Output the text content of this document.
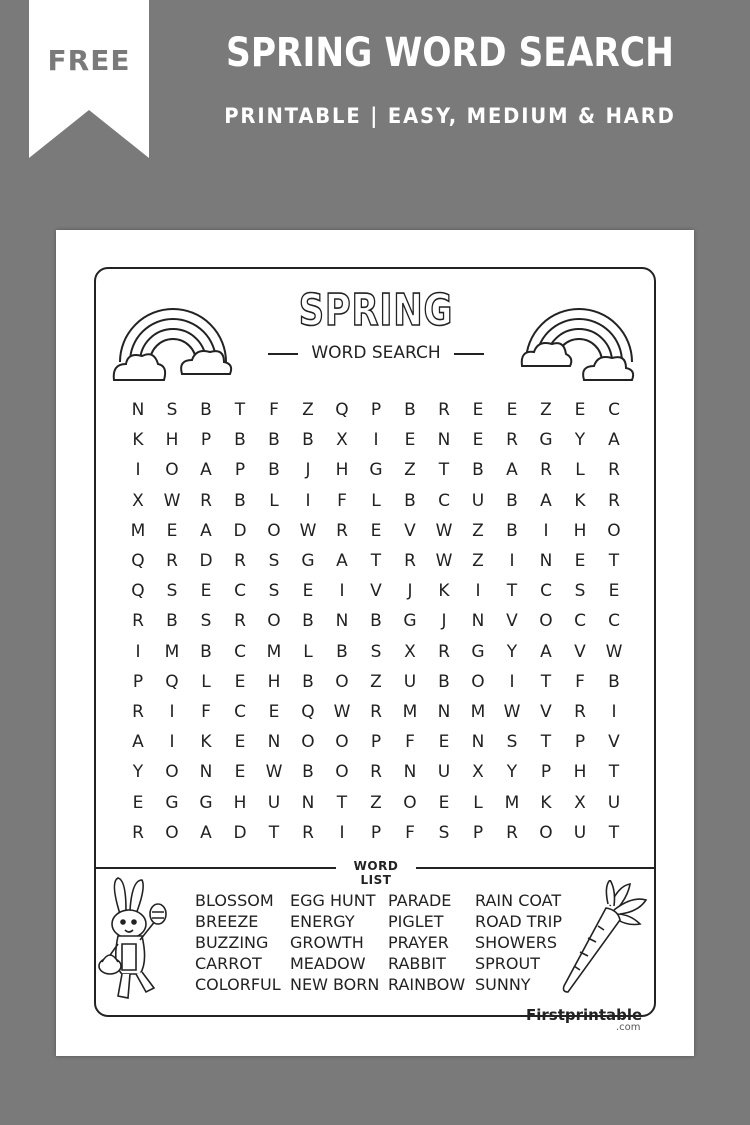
FREE	SPRING WORD SEARCH
PRINTABLE | EASY, MEDIUM & HARD
SPRING
WORD SEARCH
N	S	B	T	F	Z	Q	P	B	R	E	E	Z	E	C
K	H	P	B	B	B	X	I	E	N	E	R	G	Y	A
I	O	A	P	B	J	H	G	Z	T	B	A	R	L	R
X	W	R	B	L	I	F	L	B	C	U	B	A	K	R
M	E	A	D	O	W	R	E	V	W	Z	B	I	H	O
Q	R	D	R	S	G	A	T	R	W	Z	I	N	E	T
Q	S	E	C	S	E	I	V	J	K	I	T	C	S	E
R	B	S	R	O	B	N	B	G	J	N	V	O	C	C
I	M	B	C	M	L	B	S	X	R	G	Y	A	V	W
P	Q	L	E	H	B	O	Z	U	B	O	I	T	F	B
R	I	F	C	E	Q	W	R	M	N	M	W	V	R	I
A	I	K	E	N	O	O	P	F	E	N	S	T	P	V
Y	O	N	E	W	B	O	R	N	U	X	Y	P	H	T
E	G	G	H	U	N	T	Z	O	E	L	M	K	X	U
R	O	A	D	T	R	I	P	F	S	P	R	O	U	T
WORD LIST
BLOSSOM
BREEZE
BUZZING
CARROT
COLORFUL
EGG HUNT
ENERGY
GROWTH
MEADOW
NEW BORN
PARADE
PIGLET
PRAYER
RABBIT
RAINBOW
RAIN COAT
ROAD TRIP
SHOWERS
SPROUT
SUNNY
Firstprintable
.com
